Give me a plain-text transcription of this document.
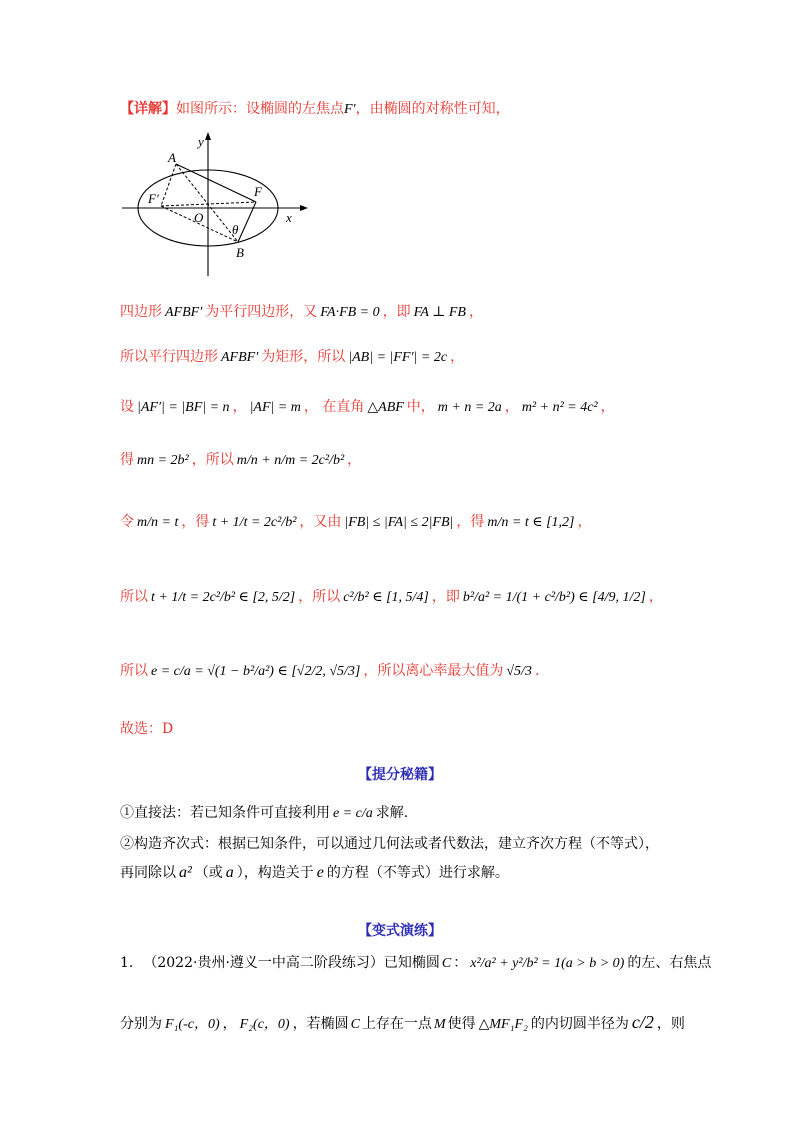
【详解】如图所示：设椭圆的左焦点F′，由椭圆的对称性可知，
y
x
A
F′
O
F
θ
B
四边形 AFBF′ 为平行四边形，又 FA·FB = 0 ，即 FA ⊥ FB ，
所以平行四边形 AFBF′ 为矩形，所以 |AB| = |FF′| = 2c ，
设 |AF′| = |BF| = n ， |AF| = m ， 在直角 △ABF 中， m + n = 2a ， m² + n² = 4c² ，
得 mn = 2b² ，所以 m/n + n/m = 2c²/b² ，
令 m/n = t ，得 t + 1/t = 2c²/b² ，又由 |FB| ≤ |FA| ≤ 2|FB| ，得 m/n = t ∈ [1,2] ，
所以 t + 1/t = 2c²/b² ∈ [2, 5/2] ，所以 c²/b² ∈ [1, 5/4] ，即 b²/a² = 1/(1 + c²/b²) ∈ [4/9, 1/2] ，
所以 e = c/a = √(1 − b²/a²) ∈ [√2/2, √5/3] ，所以离心率最大值为 √5/3 .
故选：D
【提分秘籍】
①直接法：若已知条件可直接利用 e = c/a 求解.
②构造齐次式：根据已知条件，可以通过几何法或者代数法，建立齐次方程（不等式），
再同除以 a² （或 a ），构造关于 e 的方程（不等式）进行求解。
【变式演练】
1. （2022·贵州·遵义一中高二阶段练习）已知椭圆 C ： x²/a² + y²/b² = 1(a > b > 0) 的左、右焦点
分别为 F₁(-c，0) ， F₂(c，0) ，若椭圆 C 上存在一点 M 使得 △MF₁F₂ 的内切圆半径为 c/2 ，则
